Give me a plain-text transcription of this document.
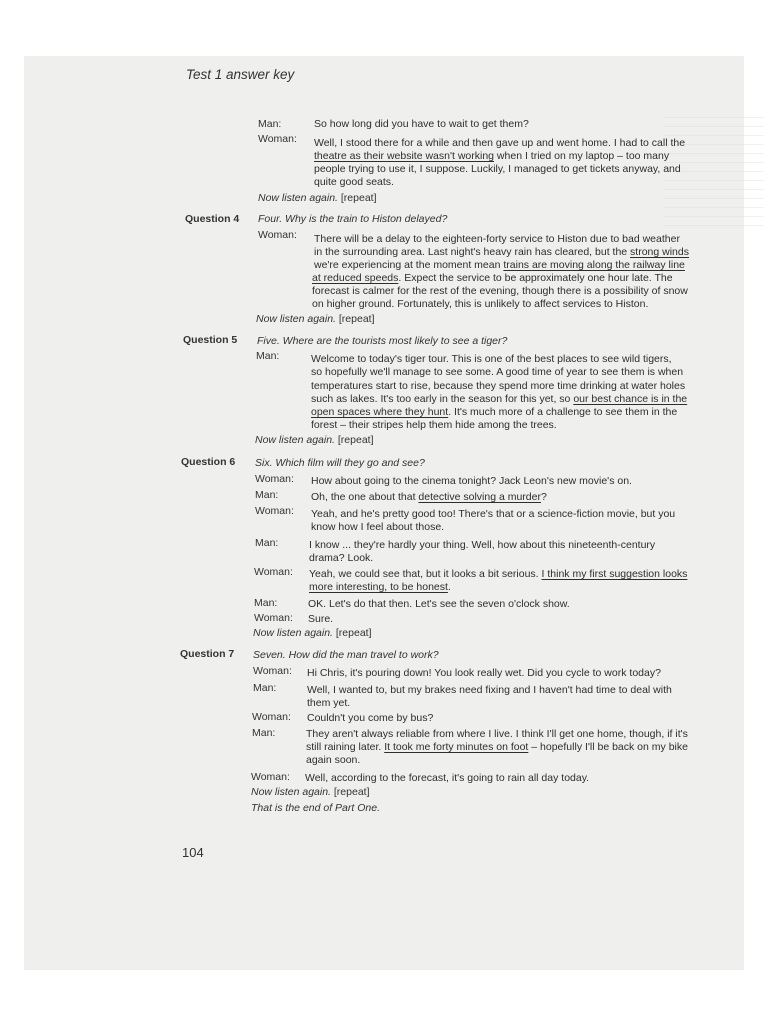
Test 1 answer key
Man:	So how long did you have to wait to get them?
Woman: Well, I stood there for a while and then gave up and went home. I had to call the
theatre as their website wasn't working when I tried on my laptop – too many
people trying to use it, I suppose. Luckily, I managed to get tickets anyway, and
quite good seats.
Now listen again. [repeat]
Question 4 Four. Why is the train to Histon delayed?
Woman: There will be a delay to the eighteen-forty service to Histon due to bad weather
in the surrounding area. Last night's heavy rain has cleared, but the strong winds
we're experiencing at the moment mean trains are moving along the railway line
at reduced speeds. Expect the service to be approximately one hour late. The
forecast is calmer for the rest of the evening, though there is a possibility of snow
on higher ground. Fortunately, this is unlikely to affect services to Histon.
Now listen again. [repeat]
Question 5 Five. Where are the tourists most likely to see a tiger?
Man:	Welcome to today's tiger tour. This is one of the best places to see wild tigers,
so hopefully we'll manage to see some. A good time of year to see them is when
temperatures start to rise, because they spend more time drinking at water holes
such as lakes. It's too early in the season for this yet, so our best chance is in the
open spaces where they hunt. It's much more of a challenge to see them in the
forest – their stripes help them hide among the trees.
Now listen again. [repeat]
Question 6 Six. Which film will they go and see?
Woman: How about going to the cinema tonight? Jack Leon's new movie's on.
Man:	Oh, the one about that detective solving a murder?
Woman: Yeah, and he's pretty good too! There's that or a science-fiction movie, but you
know how I feel about those.
Man:	I know ... they're hardly your thing. Well, how about this nineteenth-century
drama? Look.
Woman: Yeah, we could see that, but it looks a bit serious. I think my first suggestion looks
more interesting, to be honest.
Man:	OK. Let's do that then. Let's see the seven o'clock show.
Woman: Sure.
Now listen again. [repeat]
Question 7 Seven. How did the man travel to work?
Woman: Hi Chris, it's pouring down! You look really wet. Did you cycle to work today?
Man:	Well, I wanted to, but my brakes need fixing and I haven't had time to deal with
them yet.
Woman: Couldn't you come by bus?
Man:	They aren't always reliable from where I live. I think I'll get one home, though, if it's
still raining later. It took me forty minutes on foot – hopefully I'll be back on my bike
again soon.
Woman: Well, according to the forecast, it's going to rain all day today.
Now listen again. [repeat]
That is the end of Part One.
104
